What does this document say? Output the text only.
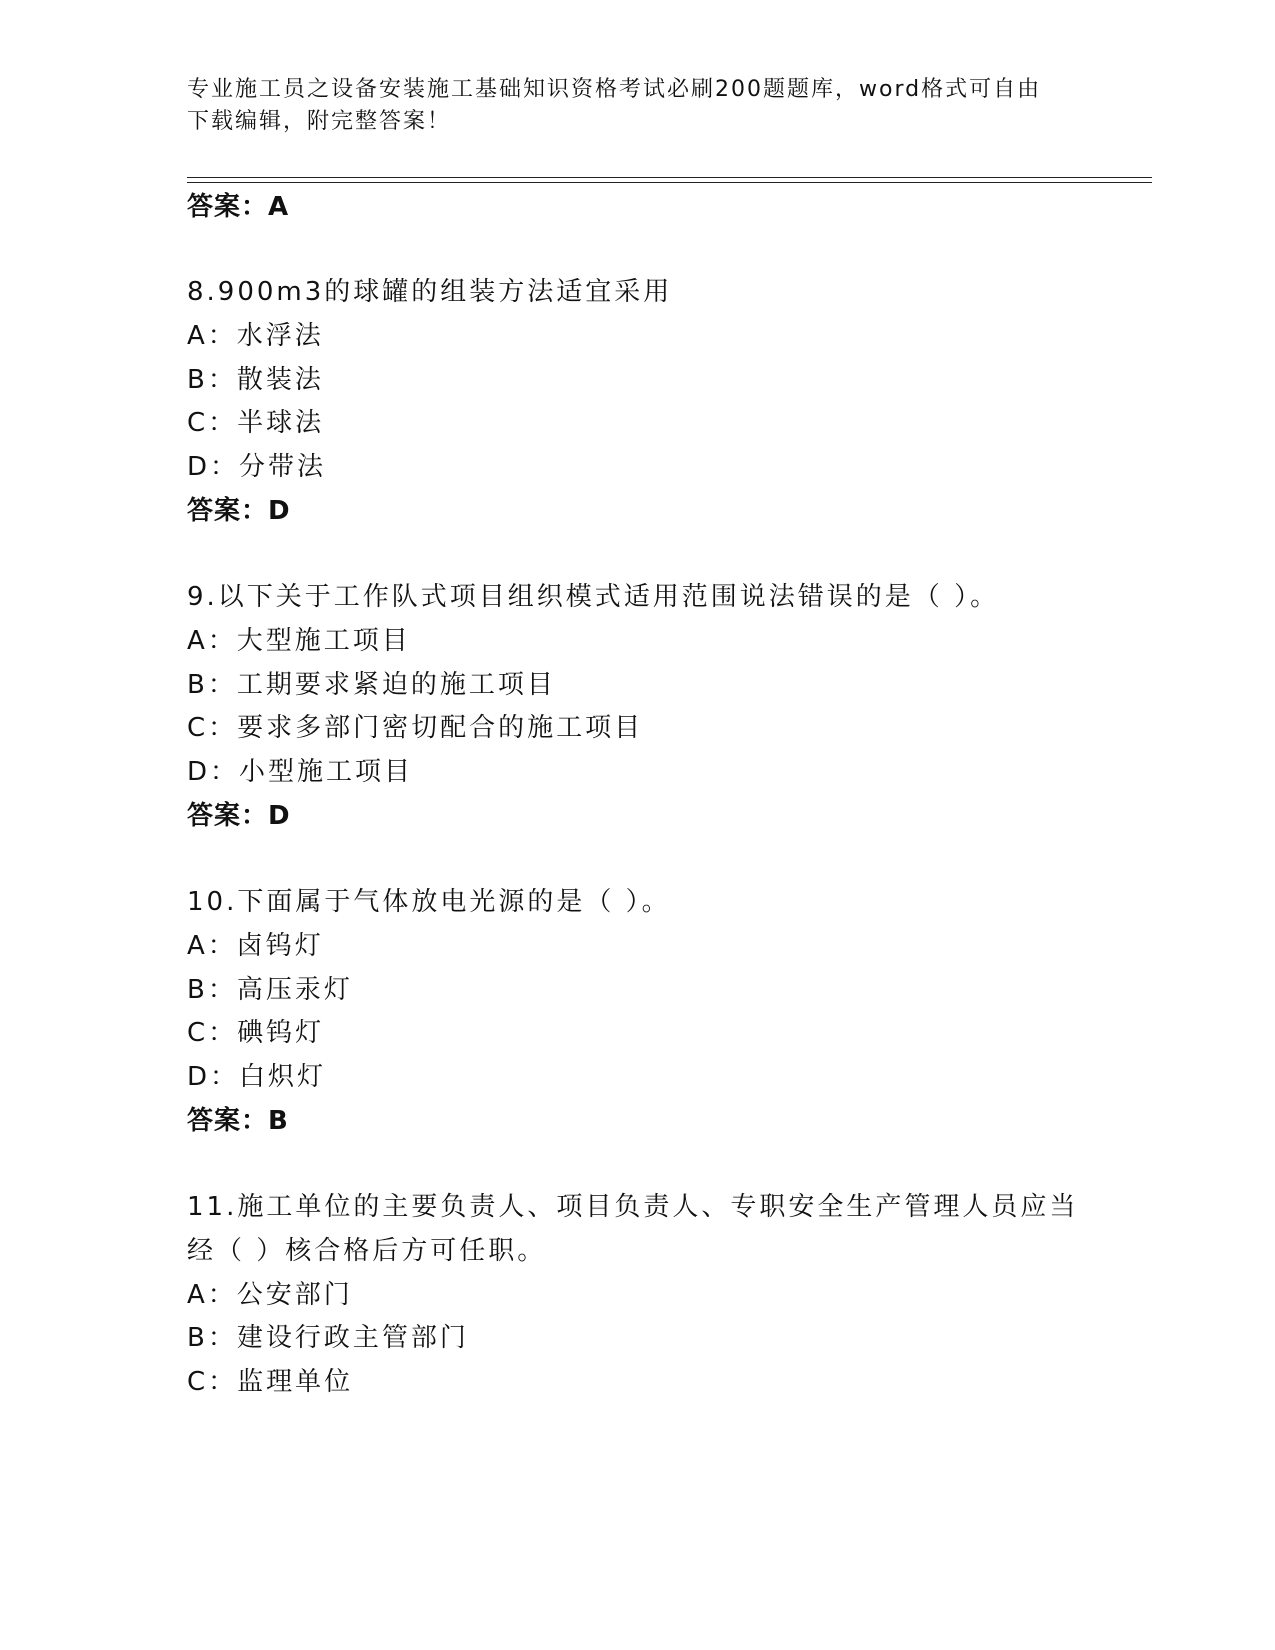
专业施工员之设备安装施工基础知识资格考试必刷200题题库，word格式可自由
下载编辑，附完整答案！
答案：A
8.900m3的球罐的组装方法适宜采用
A：水浮法
B：散装法
C：半球法
D：分带法
答案：D
9.以下关于工作队式项目组织模式适用范围说法错误的是（ ）。
A：大型施工项目
B：工期要求紧迫的施工项目
C：要求多部门密切配合的施工项目
D：小型施工项目
答案：D
10.下面属于气体放电光源的是（ ）。
A：卤钨灯
B：高压汞灯
C：碘钨灯
D：白炽灯
答案：B
11.施工单位的主要负责人、项目负责人、专职安全生产管理人员应当
经（ ）核合格后方可任职。
A：公安部门
B：建设行政主管部门
C：监理单位
